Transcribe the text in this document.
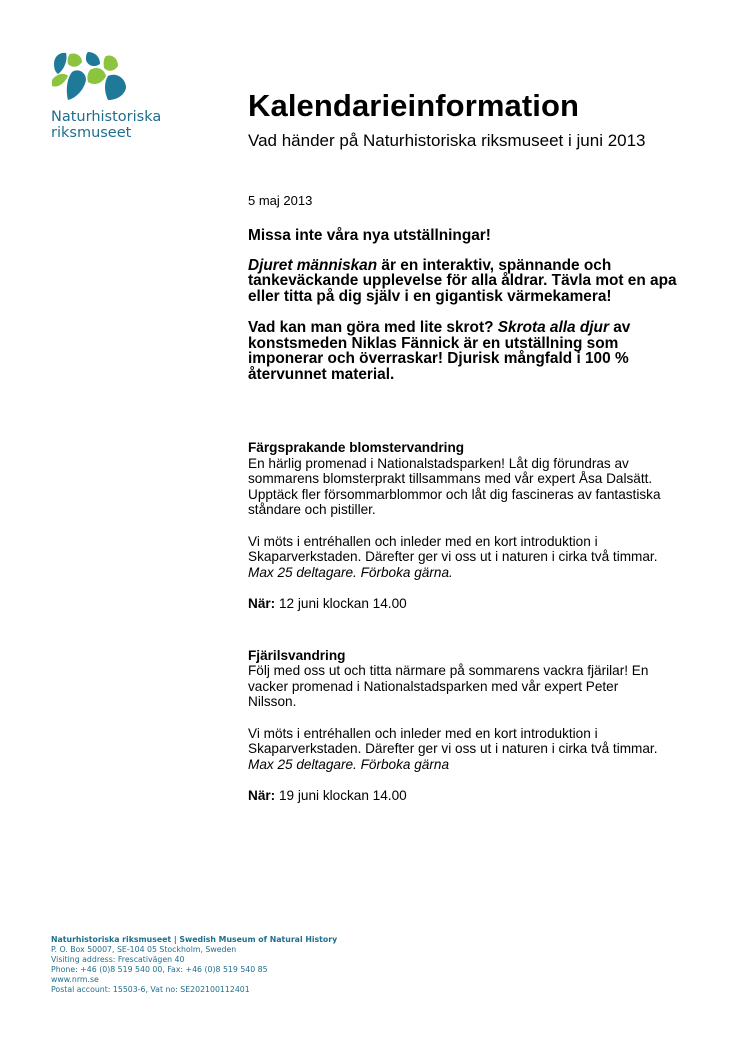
Naturhistoriska
riksmuseet
Kalendarieinformation
Vad händer på Naturhistoriska riksmuseet i juni 2013
5 maj 2013

Missa inte våra nya utställningar!

Djuret människan är en interaktiv, spännande och tankeväckande upplevelse för alla åldrar. Tävla mot en apa eller titta på dig själv i en gigantisk värmekamera!

Vad kan man göra med lite skrot? Skrota alla djur av konstsmeden Niklas Fännick är en utställning som imponerar och överraskar! Djurisk mångfald i 100 % återvunnet material.

Färgsprakande blomstervandring

En härlig promenad i Nationalstadsparken! Låt dig förundras av sommarens blomsterprakt tillsammans med vår expert Åsa Dalsätt. Upptäck fler försommarblommor och låt dig fascineras av fantastiska ståndare och pistiller.

Vi möts i entréhallen och inleder med en kort introduktion i Skaparverkstaden. Därefter ger vi oss ut i naturen i cirka två timmar. Max 25 deltagare. Förboka gärna.

När: 12 juni klockan 14.00

Fjärilsvandring

Följ med oss ut och titta närmare på sommarens vackra fjärilar! En vacker promenad i Nationalstadsparken med vår expert Peter Nilsson.

Vi möts i entréhallen och inleder med en kort introduktion i Skaparverkstaden. Därefter ger vi oss ut i naturen i cirka två timmar. Max 25 deltagare. Förboka gärna

När: 19 juni klockan 14.00

Naturhistoriska riksmuseet | Swedish Museum of Natural History
P. O. Box 50007, SE-104 05 Stockholm, Sweden
Visiting address: Frescativägen 40
Phone: +46 (0)8 519 540 00, Fax: +46 (0)8 519 540 85
www.nrm.se
Postal account: 15503-6, Vat no: SE202100112401
